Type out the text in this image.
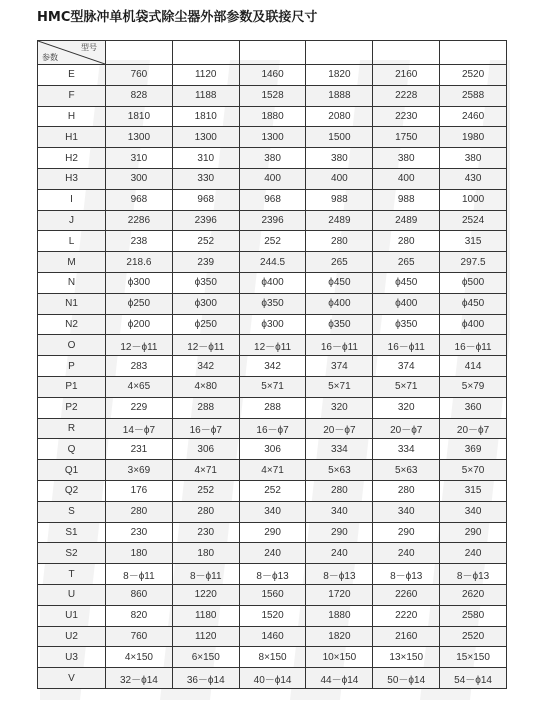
HMC型脉冲单机袋式除尘器外部参数及联接尺寸
型号
参数						

E	760	1120	1460	1820	2160	2520
F	828	1188	1528	1888	2228	2588
H	1810	1810	1880	2080	2230	2460
H1	1300	1300	1300	1500	1750	1980
H2	310	310	380	380	380	380
H3	300	330	400	400	400	430
I	968	968	968	988	988	1000
J	2286	2396	2396	2489	2489	2524
L	238	252	252	280	280	315
M	218.6	239	244.5	265	265	297.5
N	ϕ300	ϕ350	ϕ400	ϕ450	ϕ450	ϕ500
N1	ϕ250	ϕ300	ϕ350	ϕ400	ϕ400	ϕ450
N2	ϕ200	ϕ250	ϕ300	ϕ350	ϕ350	ϕ400
O	12－ϕ11	12－ϕ11	12－ϕ11	16－ϕ11	16－ϕ11	16－ϕ11
P	283	342	342	374	374	414
P1	4×65	4×80	5×71	5×71	5×71	5×79
P2	229	288	288	320	320	360
R	14－ϕ7	16－ϕ7	16－ϕ7	20－ϕ7	20－ϕ7	20－ϕ7
Q	231	306	306	334	334	369
Q1	3×69	4×71	4×71	5×63	5×63	5×70
Q2	176	252	252	280	280	315
S	280	280	340	340	340	340
S1	230	230	290	290	290	290
S2	180	180	240	240	240	240
T	8－ϕ11	8－ϕ11	8－ϕ13	8－ϕ13	8－ϕ13	8－ϕ13
U	860	1220	1560	1720	2260	2620
U1	820	1180	1520	1880	2220	2580
U2	760	1120	1460	1820	2160	2520
U3	4×150	6×150	8×150	10×150	13×150	15×150
V	32－ϕ14	36－ϕ14	40－ϕ14	44－ϕ14	50－ϕ14	54－ϕ14
